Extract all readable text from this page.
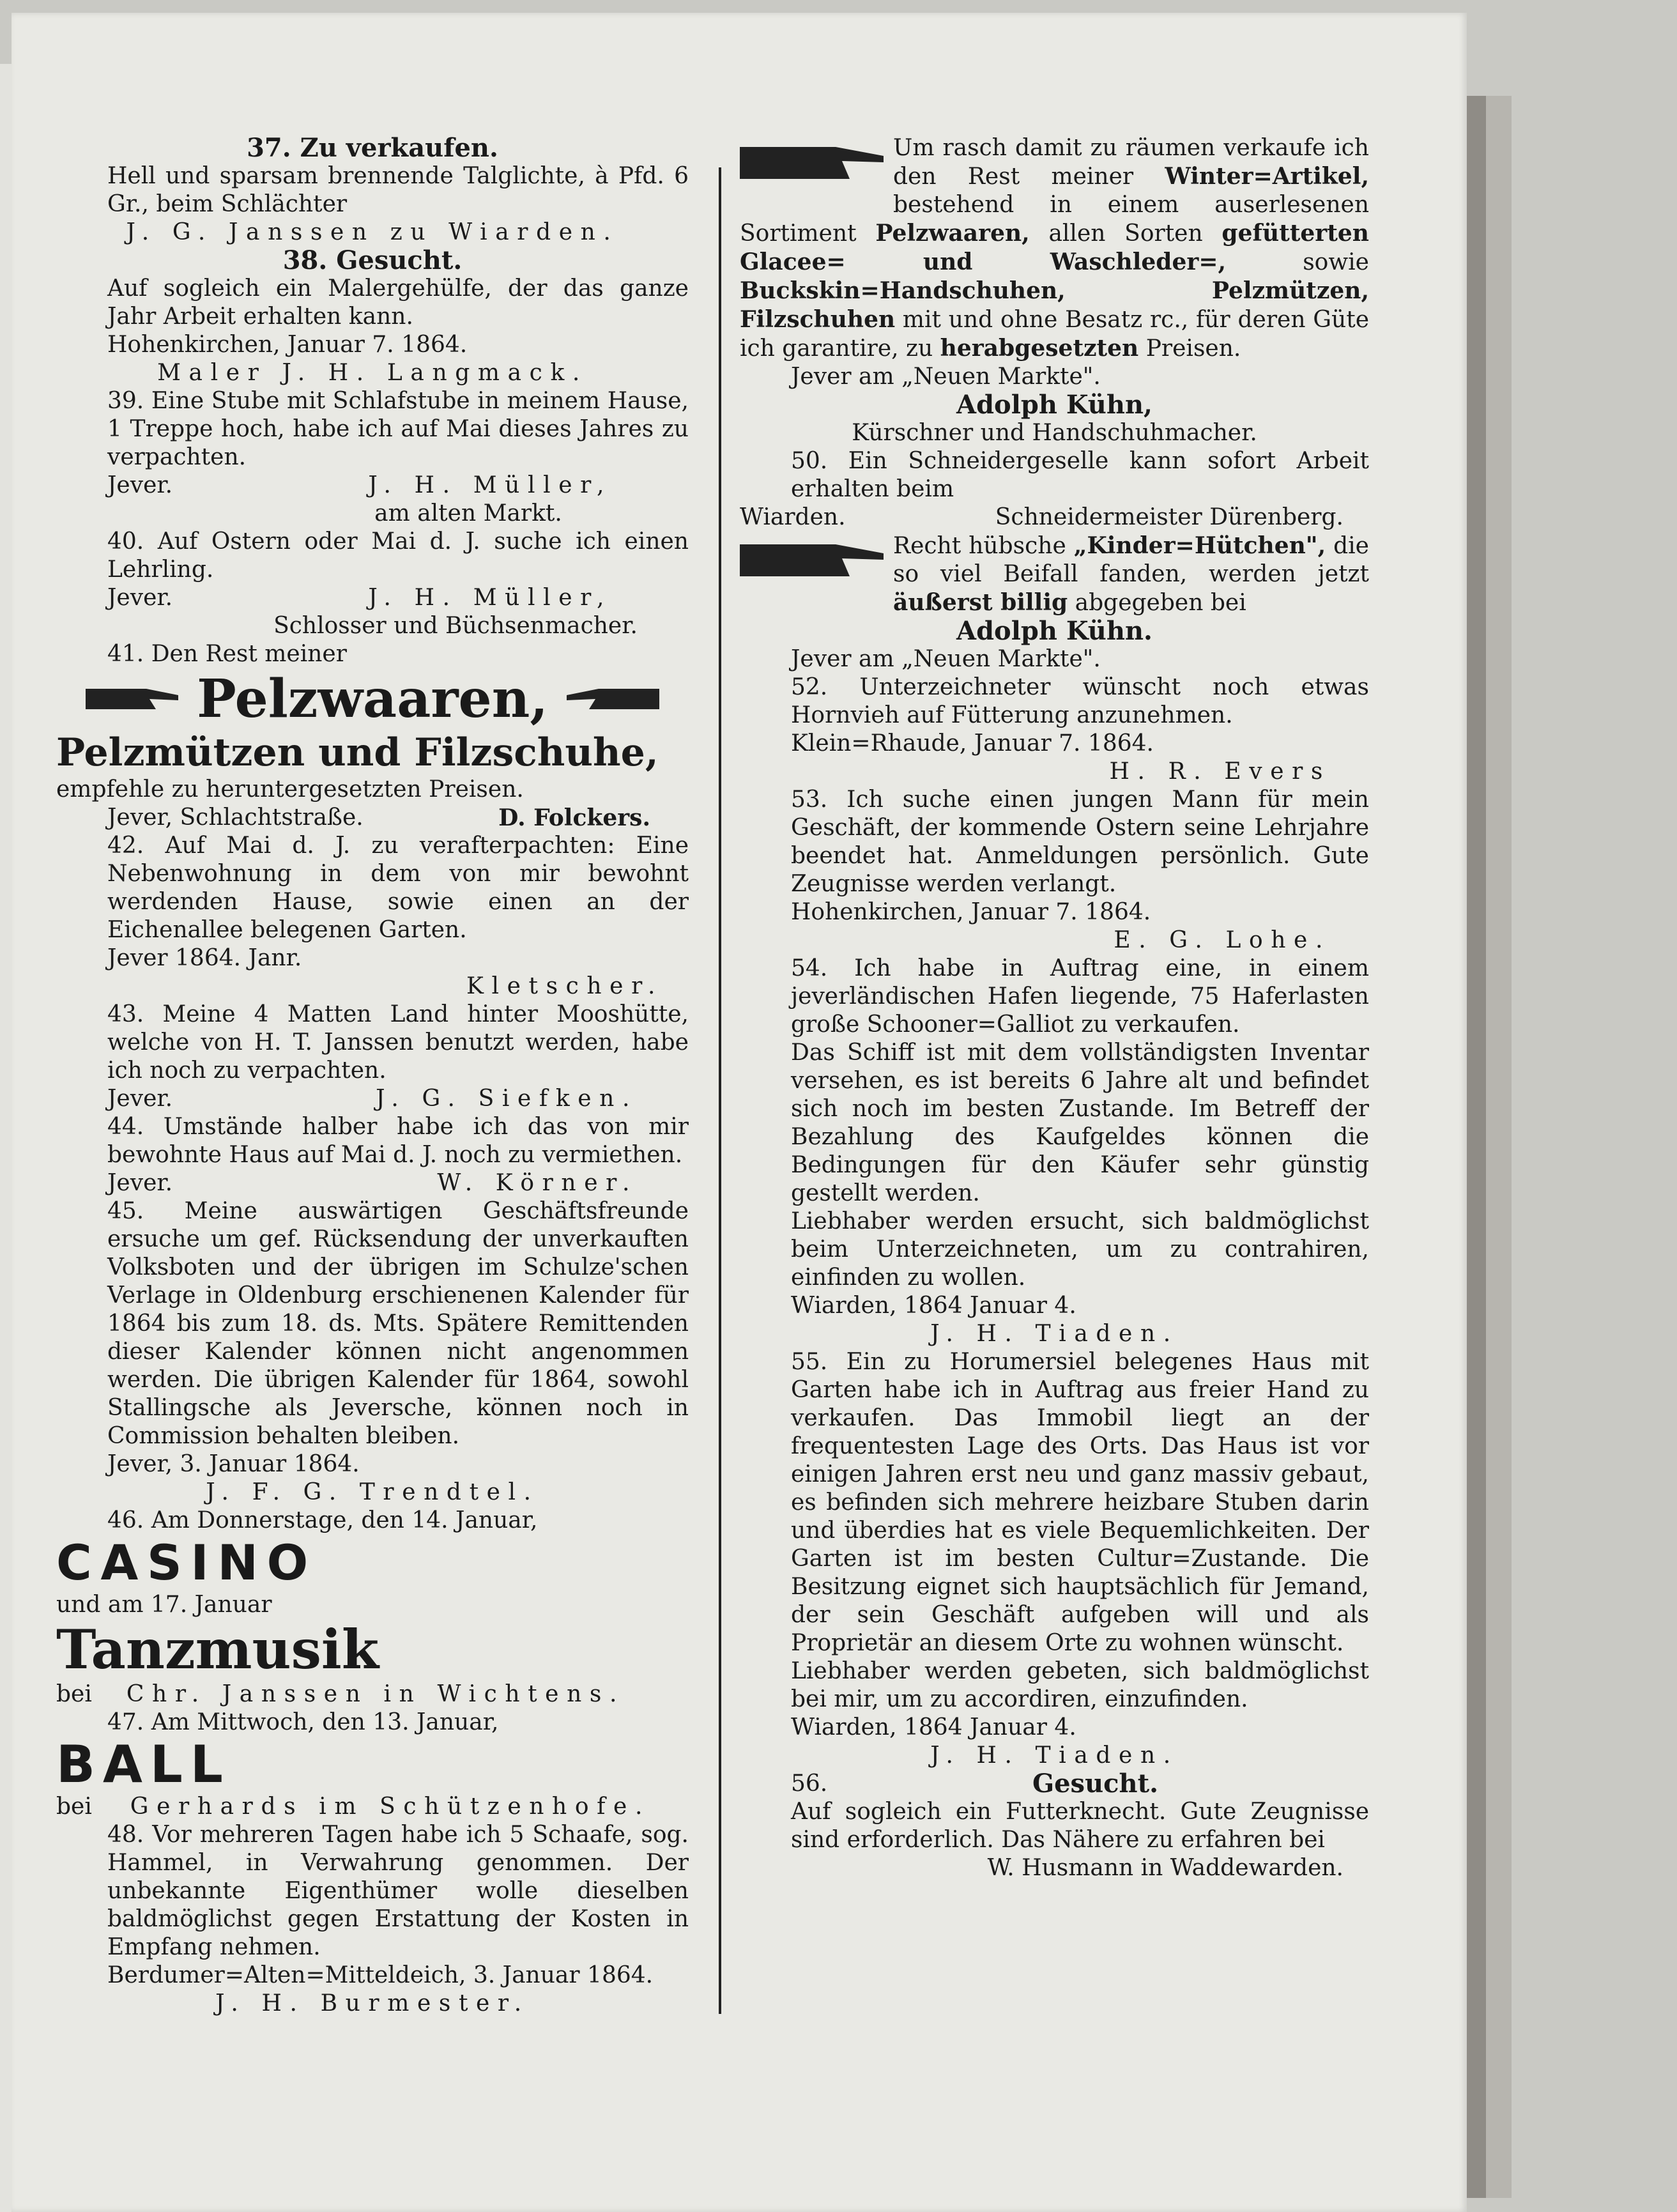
37. Zu verkaufen.

Hell und sparsam brennende Talglichte, à Pfd. 6 Gr., beim Schlächter

J. G. Janssen zu Wiarden.

38. Gesucht.

Auf sogleich ein Malergehülfe, der das ganze Jahr Arbeit erhalten kann.

Hohenkirchen, Januar 7. 1864.

Maler J. H. Langmack.

39. Eine Stube mit Schlafstube in meinem Hause, 1 Treppe hoch, habe ich auf Mai dieses Jahres zu verpachten.

Jever.	J. H. Müller,

am alten Markt.

40. Auf Ostern oder Mai d. J. suche ich einen Lehrling.

Jever.	J. H. Müller,

Schlosser und Büchsenmacher.

41. Den Rest meiner

Pelzwaaren,

Pelzmützen und Filzschuhe,

empfehle zu heruntergesetzten Preisen.

Jever, Schlachtstraße.	D. Folckers.

42. Auf Mai d. J. zu verafterpachten: Eine Nebenwohnung in dem von mir bewohnt werdenden Hause, sowie einen an der Eichenallee belegenen Garten.

Jever 1864. Janr.

Kletscher.

43. Meine 4 Matten Land hinter Mooshütte, welche von H. T. Janssen benutzt werden, habe ich noch zu verpachten.

Jever.	J. G. Siefken.

44. Umstände halber habe ich das von mir bewohnte Haus auf Mai d. J. noch zu vermiethen.

Jever.	W. Körner.

45. Meine auswärtigen Geschäftsfreunde ersuche um gef. Rücksendung der unverkauften Volksboten und der übrigen im Schulze'schen Verlage in Oldenburg erschienenen Kalender für 1864 bis zum 18. ds. Mts. Spätere Remittenden dieser Kalender können nicht angenommen werden. Die übrigen Kalender für 1864, sowohl Stallingsche als Jeversche, können noch in Commission behalten bleiben.

Jever, 3. Januar 1864.

J. F. G. Trendtel.

46. Am Donnerstage, den 14. Januar,

CASINO

und am 17. Januar

Tanzmusik

bei Chr. Janssen in Wichtens.

47. Am Mittwoch, den 13. Januar,

BALL

bei Gerhards im Schützenhofe.

48. Vor mehreren Tagen habe ich 5 Schaafe, sog. Hammel, in Verwahrung genommen. Der unbekannte Eigenthümer wolle dieselben baldmöglichst gegen Erstattung der Kosten in Empfang nehmen.

Berdumer=Alten=Mitteldeich, 3. Januar 1864.

J. H. Burmester.

Um rasch damit zu räumen verkaufe ich den Rest meiner Winter=Artikel, bestehend in einem auserlesenen Sortiment Pelzwaaren, allen Sorten gefütterten Glacee= und Waschleder=,	sowie Buckskin=Handschuhen, Pelzmützen, Filzschuhen mit und ohne Besatz rc., für deren Güte ich garantire, zu herabgesetzten Preisen.

Jever am „Neuen Markte".

Adolph Kühn,

Kürschner und Handschuhmacher.

50. Ein Schneidergeselle kann sofort Arbeit erhalten beim

Wiarden.	Schneidermeister Dürenberg.

Recht hübsche „Kinder=Hütchen", die so viel Beifall fanden, werden jetzt äußerst billig abgegeben bei

Adolph Kühn.

Jever am „Neuen Markte".

52. Unterzeichneter wünscht noch etwas Hornvieh auf Fütterung anzunehmen.

Klein=Rhaude, Januar 7. 1864.

H. R. Evers

53. Ich suche einen jungen Mann für mein Geschäft, der kommende Ostern seine Lehrjahre beendet hat. Anmeldungen persönlich. Gute Zeugnisse werden verlangt.

Hohenkirchen, Januar 7. 1864.

E. G. Lohe.

54. Ich habe in Auftrag eine, in einem jeverländischen Hafen liegende, 75 Haferlasten große Schooner=Galliot zu verkaufen.

Das Schiff ist mit dem vollständigsten Inventar versehen, es ist bereits 6 Jahre alt und befindet sich noch im besten Zustande. Im Betreff der Bezahlung des Kaufgeldes können die Bedingungen für den Käufer sehr günstig gestellt werden.

Liebhaber werden ersucht, sich baldmöglichst beim Unterzeichneten, um zu contrahiren, einfinden zu wollen.

Wiarden, 1864 Januar 4.

J. H. Tiaden.

55. Ein zu Horumersiel belegenes Haus mit Garten habe ich in Auftrag aus freier Hand zu verkaufen. Das Immobil liegt an der frequentesten Lage des Orts. Das Haus ist vor einigen Jahren erst neu und ganz massiv gebaut, es befinden sich mehrere heizbare Stuben darin und überdies hat es viele Bequemlichkeiten. Der Garten ist im besten Cultur=Zustande. Die Besitzung eignet sich hauptsächlich für Jemand, der sein Geschäft aufgeben will und als Proprietär an diesem Orte zu wohnen wünscht.

Liebhaber werden gebeten, sich baldmöglichst bei mir, um zu accordiren, einzufinden.

Wiarden, 1864 Januar 4.

J. H. Tiaden.

56.	Gesucht.

Auf sogleich ein Futterknecht. Gute Zeugnisse sind erforderlich. Das Nähere zu erfahren bei

W. Husmann in Waddewarden.
